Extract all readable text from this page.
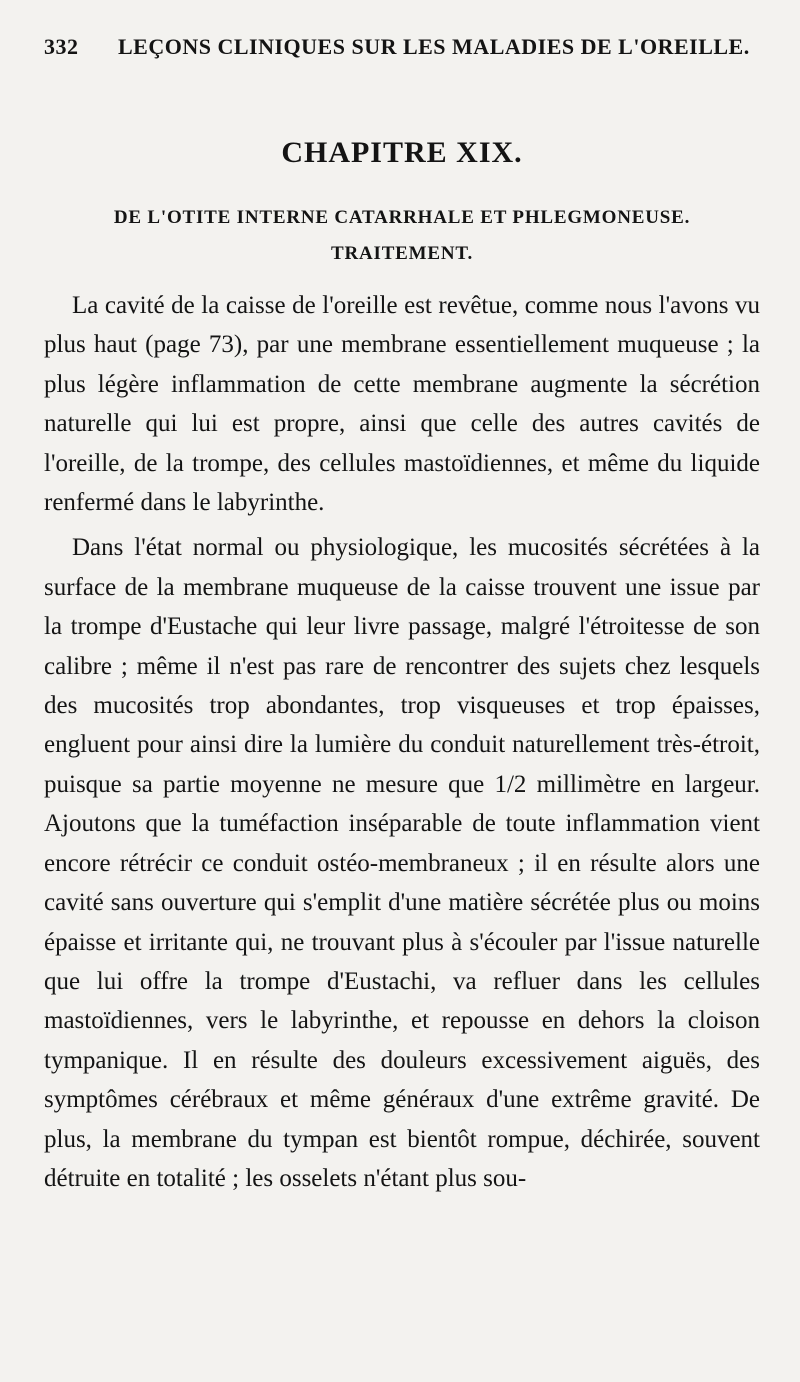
332	LEÇONS CLINIQUES SUR LES MALADIES DE L'OREILLE.
CHAPITRE XIX.
DE L'OTITE INTERNE CATARRHALE ET PHLEGMONEUSE.
TRAITEMENT.

La cavité de la caisse de l'oreille est revêtue, comme nous l'avons vu plus haut (page 73), par une membrane essentiellement muqueuse ; la plus légère inflammation de cette membrane augmente la sécrétion naturelle qui lui est propre, ainsi que celle des autres cavités de l'oreille, de la trompe, des cellules mastoïdiennes, et même du liquide renfermé dans le labyrinthe.

Dans l'état normal ou physiologique, les mucosités sécrétées à la surface de la membrane muqueuse de la caisse trouvent une issue par la trompe d'Eustache qui leur livre passage, malgré l'étroitesse de son calibre ; même il n'est pas rare de rencontrer des sujets chez lesquels des mucosités trop abondantes, trop visqueuses et trop épaisses, engluent pour ainsi dire la lumière du conduit naturellement très-étroit, puisque sa partie moyenne ne mesure que 1/2 millimètre en largeur. Ajoutons que la tuméfaction inséparable de toute inflammation vient encore rétrécir ce conduit ostéo-membraneux ; il en résulte alors une cavité sans ouverture qui s'emplit d'une matière sécrétée plus ou moins épaisse et irritante qui, ne trouvant plus à s'écouler par l'issue naturelle que lui offre la trompe d'Eustachi, va refluer dans les cellules mastoïdiennes, vers le labyrinthe, et repousse en dehors la cloison tympanique. Il en résulte des douleurs excessivement aiguës, des symptômes cérébraux et même généraux d'une extrême gravité. De plus, la membrane du tympan est bientôt rompue, déchirée, souvent détruite en totalité ; les osselets n'étant plus sou-
